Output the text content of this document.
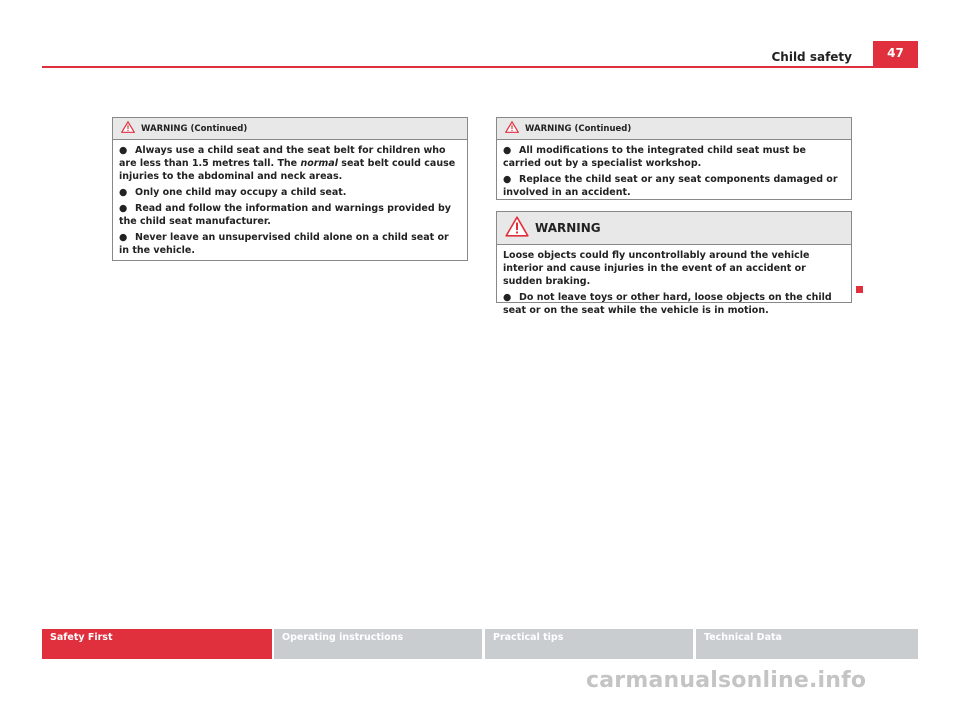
Child safety	47
WARNING (Continued)

● Always use a child seat and the seat belt for children who are less than 1.5 metres tall. The normal seat belt could cause injuries to the abdominal and neck areas.

● Only one child may occupy a child seat.

● Read and follow the information and warnings provided by the child seat manufacturer.

● Never leave an unsupervised child alone on a child seat or in the vehicle.

WARNING (Continued)

● All modifications to the integrated child seat must be carried out by a specialist workshop.

● Replace the child seat or any seat components damaged or involved in an accident.

WARNING

Loose objects could fly uncontrollably around the vehicle interior and cause injuries in the event of an accident or sudden braking.

● Do not leave toys or other hard, loose objects on the child seat or on the seat while the vehicle is in motion.

Safety First	Operating instructions	Practical tips	Technical Data
carmanualsonline.info
